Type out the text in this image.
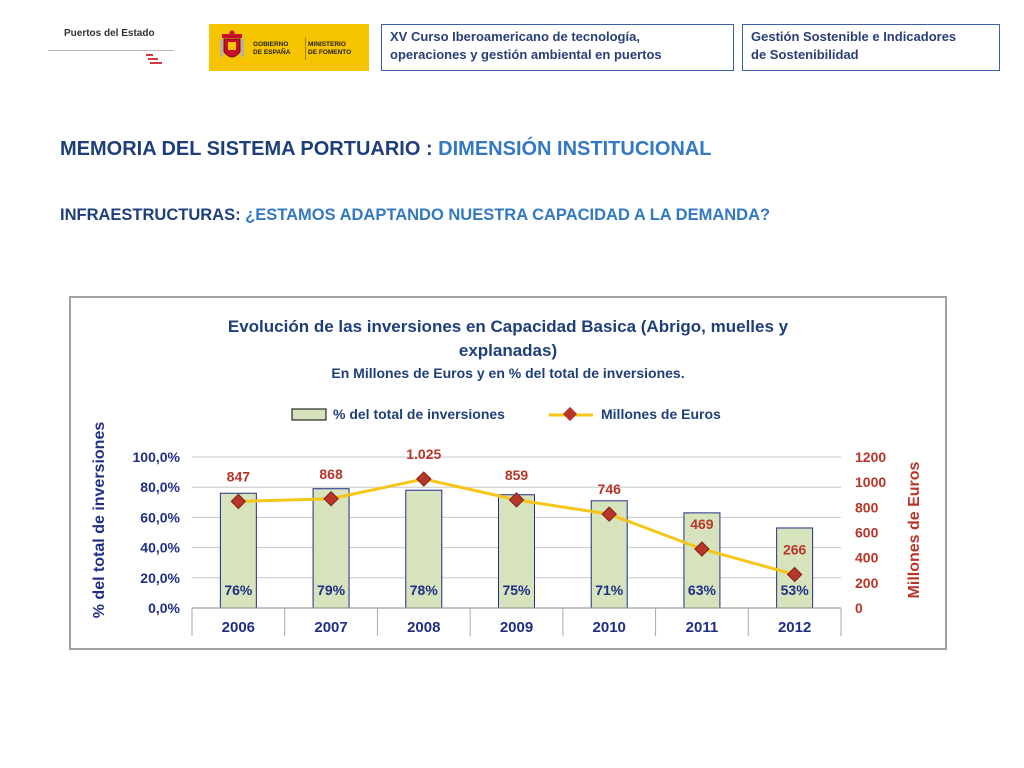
Puertos del Estado
GOBIERNO
DE ESPAÑA
MINISTERIO
DE FOMENTO
XV Curso Iberoamericano de tecnología,
operaciones y gestión ambiental en puertos
Gestión Sostenible e Indicadores
de Sostenibilidad
MEMORIA DEL SISTEMA PORTUARIO : DIMENSIÓN INSTITUCIONAL
INFRAESTRUCTURAS: ¿ESTAMOS ADAPTANDO NUESTRA CAPACIDAD A LA DEMANDA?
Evolución de las inversiones en Capacidad Basica (Abrigo, muelles y
explanadas)
En Millones de Euros y en % del total de inversiones.
% del total de inversiones	Millones de Euros
% del total de inversiones	Millones de Euros
0,0%
20,0%
40,0%
60,0%
80,0%
100,0%
0
200
400
600
800
1000
1200
76%	79%	78%	75%	71%	63%	53%
847	868
1.025
859
746
469
266
2006	2007	2008	2009	2010	2011	2012
